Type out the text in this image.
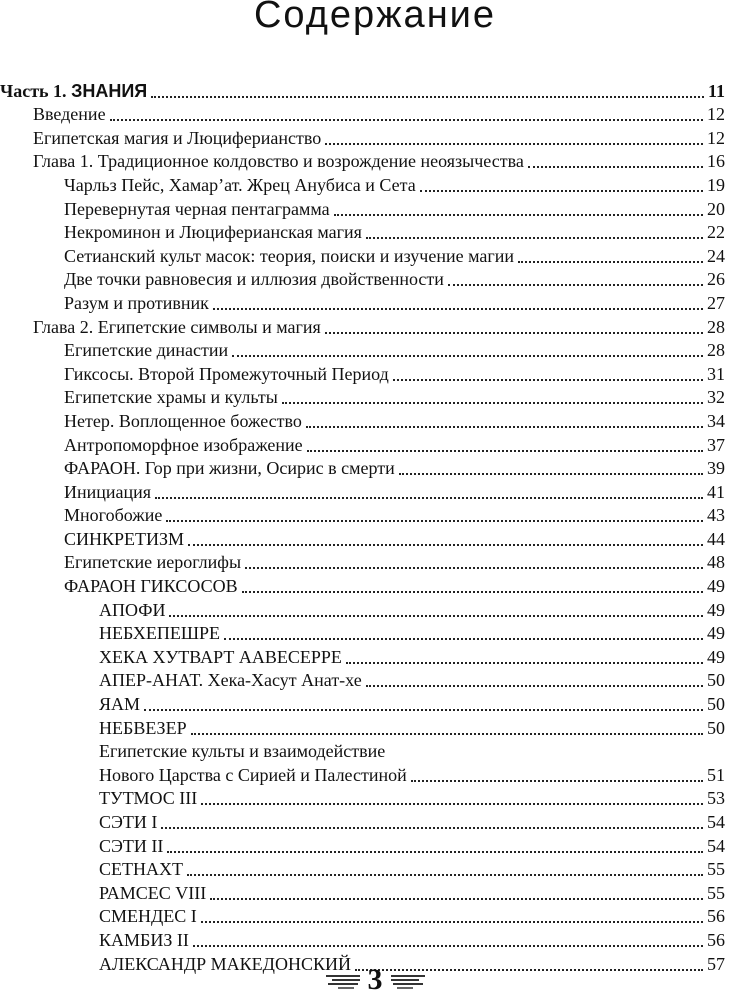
Содержание
Часть 1. ЗНАНИЯ	11
Введение	12
Египетская магия и Люциферианство	12
Глава 1. Традиционное колдовство и возрождение неоязычества	16
Чарльз Пейс, Хамар’ат. Жрец Анубиса и Сета	19
Перевернутая черная пентаграмма	20
Некроминон и Люциферианская магия	22
Сетианский культ масок: теория, поиски и изучение магии	24
Две точки равновесия и иллюзия двойственности	26
Разум и противник	27
Глава 2. Египетские символы и магия	28
Египетские династии	28
Гиксосы. Второй Промежуточный Период	31
Египетские храмы и культы	32
Нетер. Воплощенное божество	34
Антропоморфное изображение	37
ФАРАОН. Гор при жизни, Осирис в смерти	39
Инициация	41
Многобожие	43
СИНКРЕТИЗМ	44
Египетские иероглифы	48
ФАРАОН ГИКСОСОВ	49
АПОФИ	49
НЕБХЕПЕШРЕ	49
ХЕКА ХУТВАРТ ААВЕСЕРРЕ	49
АПЕР-АНАТ. Хека-Хасут Анат-хе	50
ЯАМ	50
НЕБВЕЗЕР	50
Египетские культы и взаимодействие
Нового Царства с Сирией и Палестиной	51
ТУТМОС III	53
СЭТИ I	54
СЭТИ II	54
СЕТНАХТ	55
РАМСЕС VIII	55
СМЕНДЕС I	56
КАМБИЗ II	56
АЛЕКСАНДР МАКЕДОНСКИЙ	57
3
